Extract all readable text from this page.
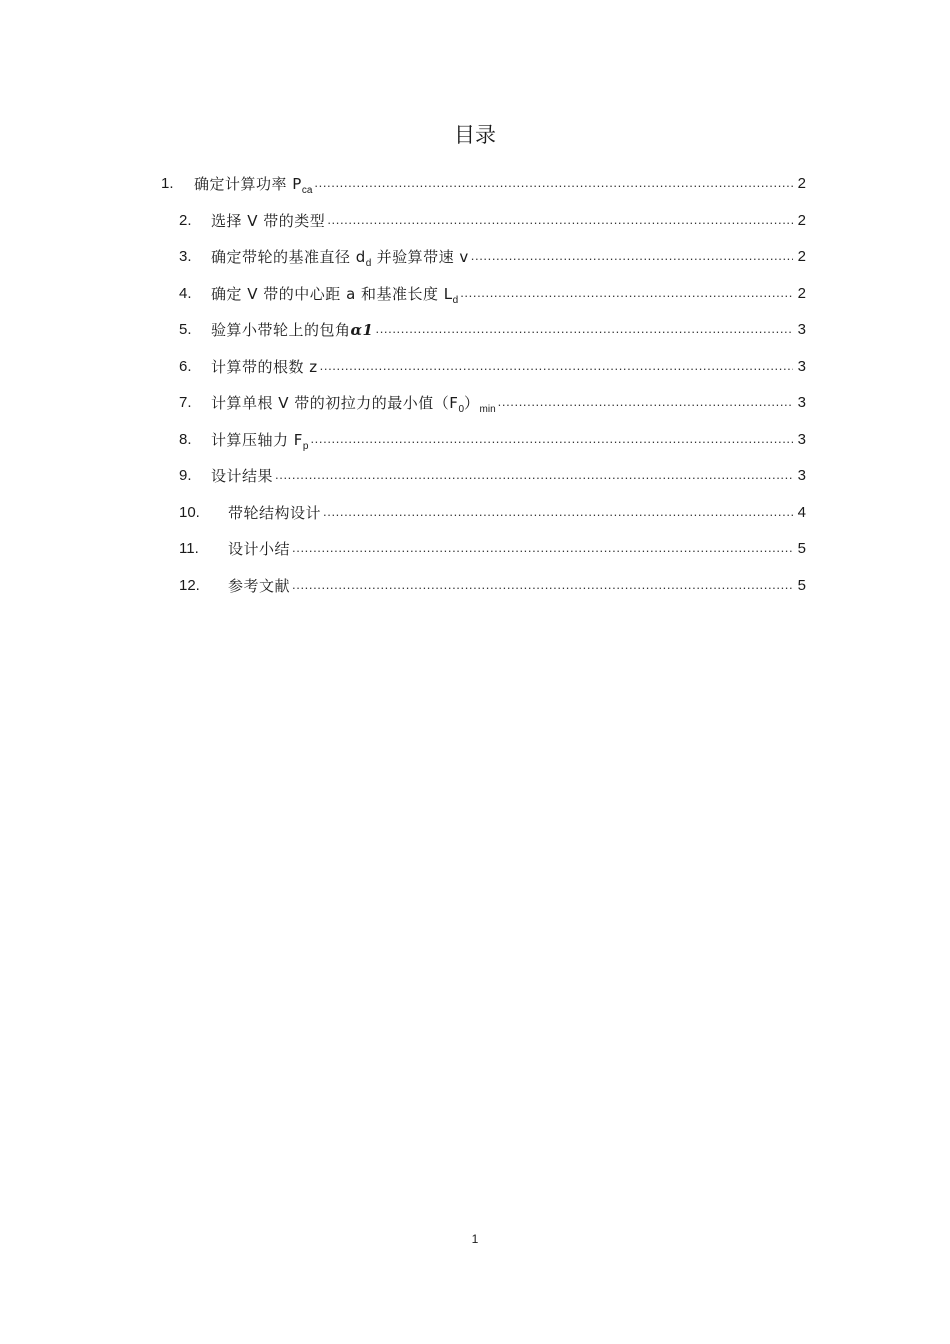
目录
1.	确定计算功率 $P_{ca}$ .....	2
2.	选择 V 带的类型 .....	2
3.	确定带轮的基准直径 $d_d$ 并验算带速 v .....	2
4.	确定 V 带的中心距 a 和基准长度 $L_d$ .....	2
5.	验算小带轮上的包角α1 .....	3
6.	计算带的根数 z .....	3
7.	计算单根 V 带的初拉力的最小值$(F_0)_{min}$ .....	3
8.	计算压轴力 $F_p$ .....	3
9.	设计结果 .....	3
10.	带轮结构设计 .....	4
11.	设计小结 .....	5
12.	参考文献 .....	5
1
